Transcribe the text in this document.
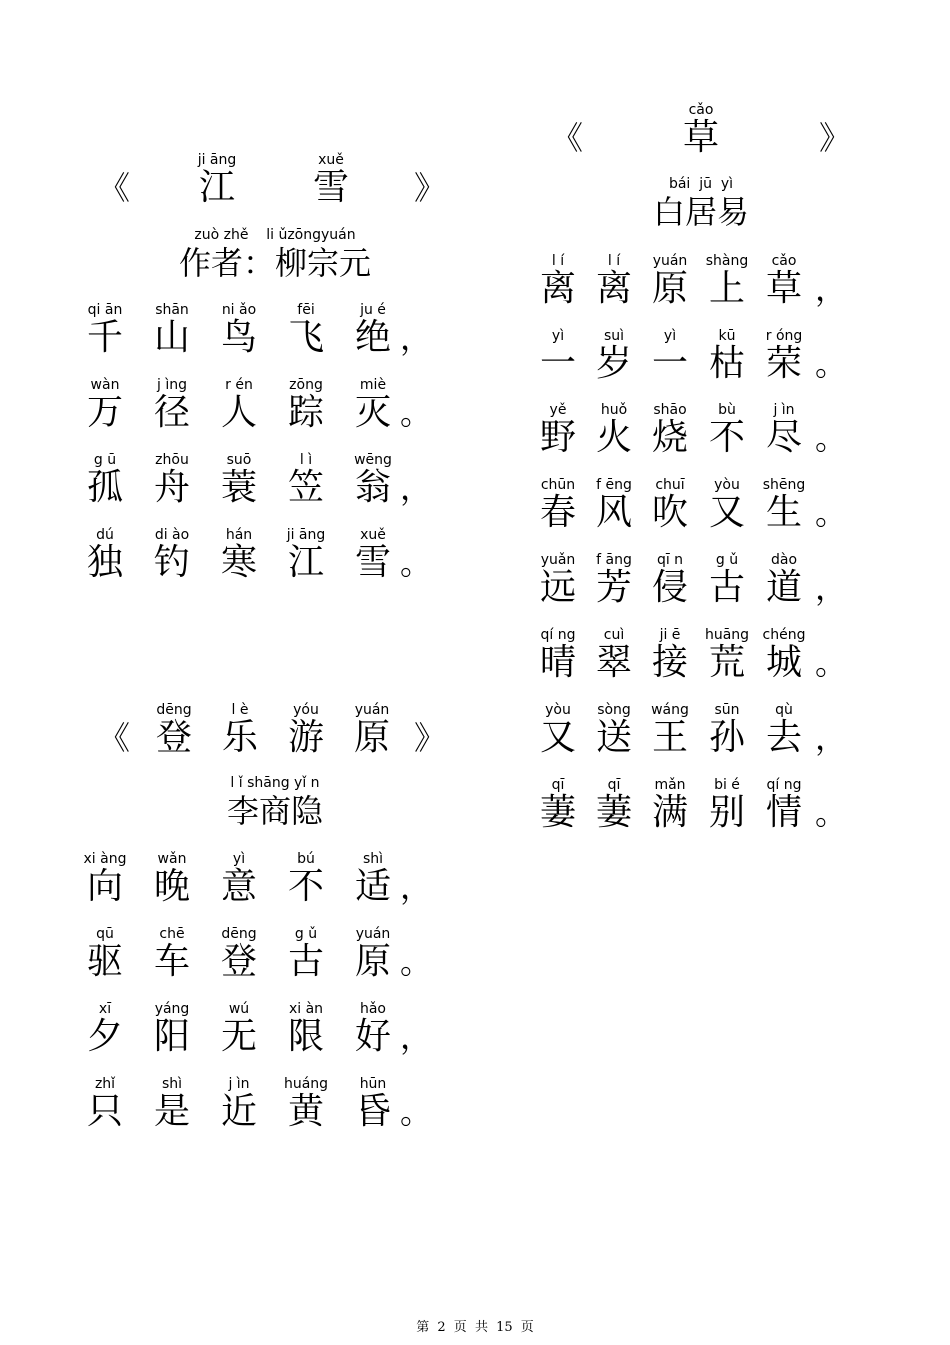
《
ji āng
江
xuě
雪	》
zuò zhě    li ǔzōngyuán
作者：柳宗元
qi ān
千
shān
山
ni ǎo
鸟
fēi
飞
ju é
绝 ，
wàn
万
j ìng
径
r én
人
zōng
踪
miè
灭 。
g ū
孤
zhōu
舟
suō
蓑
l ì
笠
wēng
翁 ，
dú
独
di ào
钓
hán
寒
ji āng
江
xuě
雪 。
《
dēng
登
l è
乐
yóu
游
yuán
原 》
l ǐ shāng yǐ n
李商隐
xi àng
向
wǎn
晚
yì
意
bú
不
shì
适 ，
qū
驱
chē
车
dēng
登
g ǔ
古
yuán
原 。
xī
夕
yáng
阳
wú
无
xi àn
限
hǎo
好 ，
zhǐ
只
shì
是
j ìn
近
huáng
黄
hūn
昏 。
《
cǎo
草	》
bái  jū  yì
白居易
l í
离
l í
离
yuán
原
shàng
上
cǎo
草 ，
yì
一
suì
岁
yì
一
kū
枯
r óng
荣 。
yě
野
huǒ
火
shāo
烧
bù
不
j ìn
尽 。
chūn
春
f ēng
风
chuī
吹
yòu
又
shēng
生 。
yuǎn
远
f āng
芳
qī n
侵
g ǔ
古
dào
道 ，
qí ng
晴
cuì
翠
ji ē
接
huāng
荒
chéng
城 。
yòu
又
sòng
送
wáng
王
sūn
孙
qù
去 ，
qī
萋
qī
萋
mǎn
满
bi é
别
qí ng
情 。
第 2 页 共 15 页
